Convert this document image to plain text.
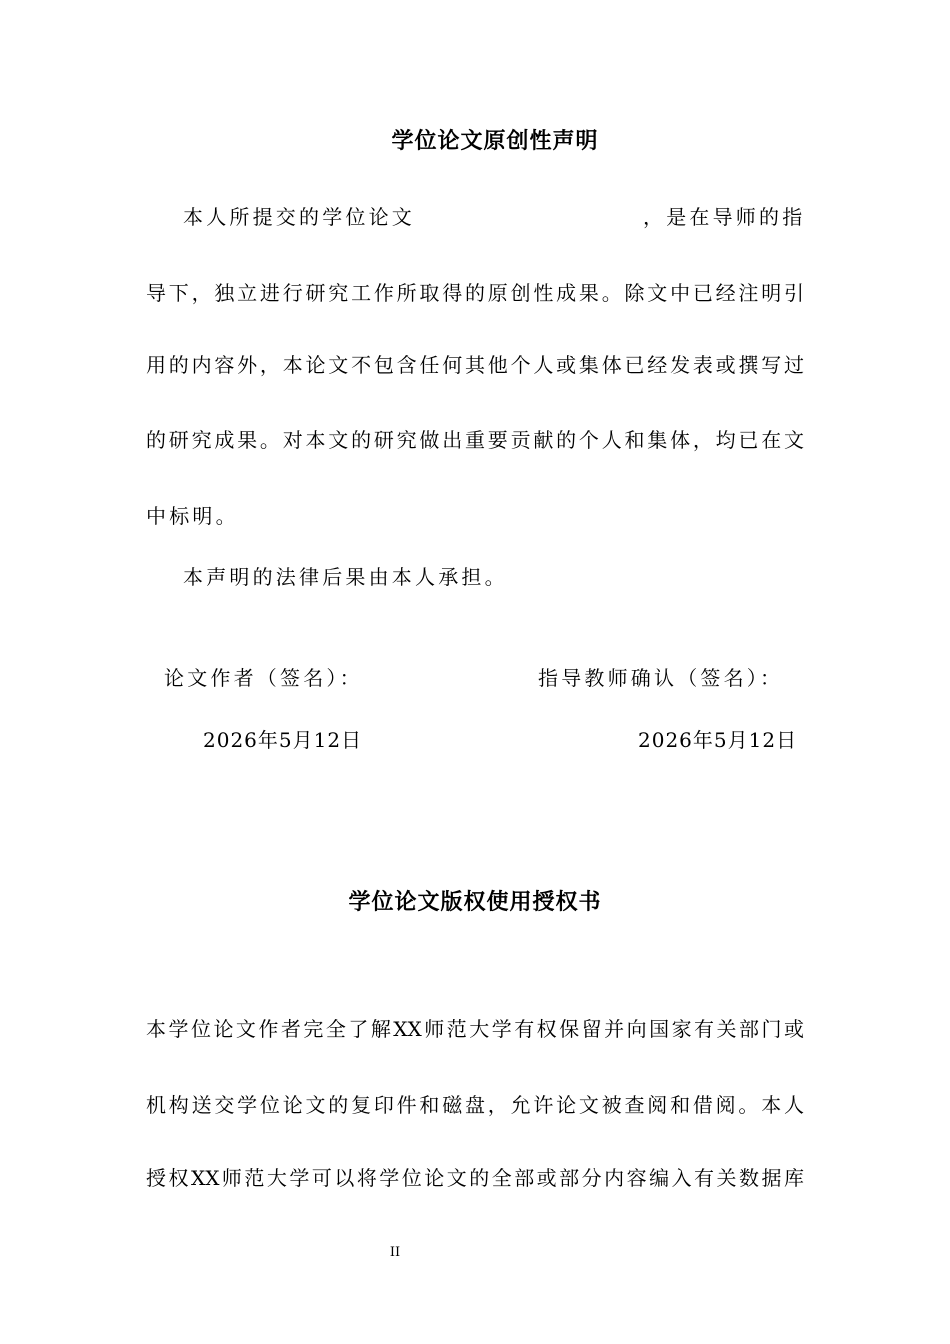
学位论文原创性声明
本人所提交的学位论文	，是在导师的指
导下，独立进行研究工作所取得的原创性成果。除文中已经注明引
用的内容外，本论文不包含任何其他个人或集体已经发表或撰写过
的研究成果。对本文的研究做出重要贡献的个人和集体，均已在文
中标明。
本声明的法律后果由本人承担。
论文作者（签名）：	指导教师确认（签名）：
2026年5月12日	2026年5月12日
学位论文版权使用授权书
本学位论文作者完全了解XX师范大学有权保留并向国家有关部门或
机构送交学位论文的复印件和磁盘，允许论文被查阅和借阅。本人
授权XX师范大学可以将学位论文的全部或部分内容编入有关数据库
II
